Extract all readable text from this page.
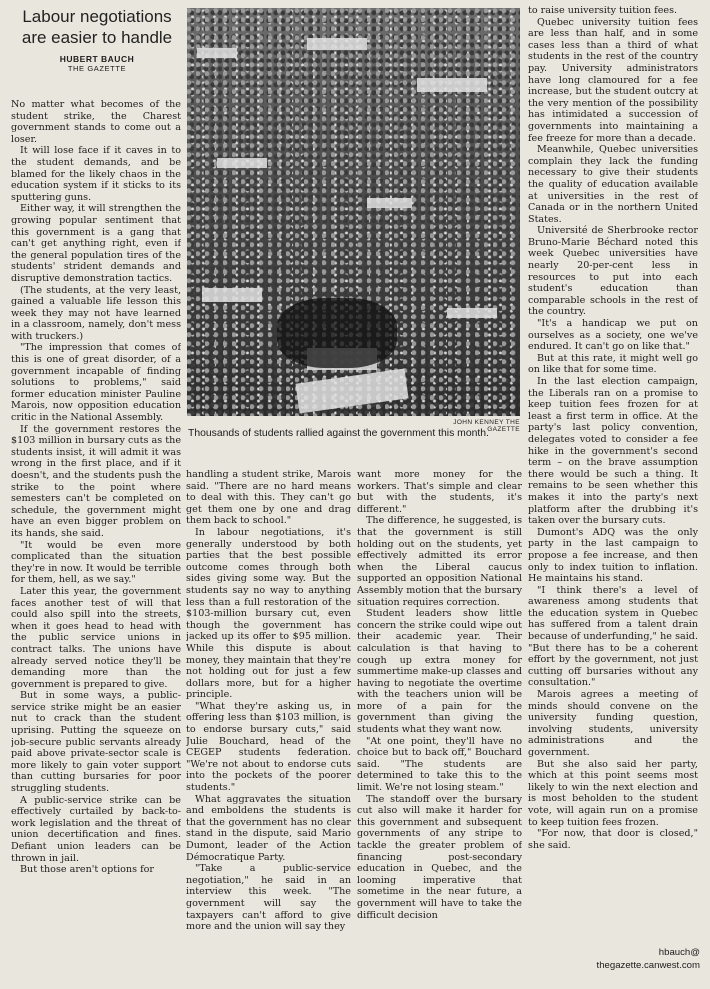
Labour negotiations
are easier to handle
HUBERT BAUCH
THE GAZETTE
JOHN KENNEY THE GAZETTE
Thousands of students rallied against the government this month.

No matter what becomes of the student strike, the Charest government stands to come out a loser.

It will lose face if it caves in to the student demands, and be blamed for the likely chaos in the education system if it sticks to its sputtering guns.

Either way, it will strengthen the growing popular sentiment that this government is a gang that can't get anything right, even if the general population tires of the students' strident demands and disruptive demonstration tactics.

(The students, at the very least, gained a valuable life lesson this week they may not have learned in a classroom, namely, don't mess with truckers.)

"The impression that comes of this is one of great disorder, of a government incapable of finding solutions to problems," said former education minister Pauline Marois, now opposition education critic in the National Assembly.

If the government restores the $103 million in bursary cuts as the students insist, it will admit it was wrong in the first place, and if it doesn't, and the students push the strike to the point where semesters can't be completed on schedule, the government might have an even bigger problem on its hands, she said.

"It would be even more complicated than the situation they're in now. It would be terrible for them, hell, as we say."

Later this year, the government faces another test of will that could also spill into the streets, when it goes head to head with the public service unions in contract talks. The unions have already served notice they'll be demanding more than the government is prepared to give.

But in some ways, a public-service strike might be an easier nut to crack than the student uprising. Putting the squeeze on job-secure public servants already paid above private-sector scale is more likely to gain voter support than cutting bursaries for poor struggling students.

A public-service strike can be effectively curtailed by back-to-work legislation and the threat of union decertification and fines. Defiant union leaders can be thrown in jail.

But those aren't options for

handling a student strike, Marois said. "There are no hard means to deal with this. They can't go get them one by one and drag them back to school."

In labour negotiations, it's generally understood by both parties that the best possible outcome comes through both sides giving some way. But the students say no way to anything less than a full restoration of the $103-million bursary cut, even though the government has jacked up its offer to $95 million. While this dispute is about money, they maintain that they're not holding out for just a few dollars more, but for a higher principle.

"What they're asking us, in offering less than $103 million, is to endorse bursary cuts," said Julie Bouchard, head of the CEGEP students federation. "We're not about to endorse cuts into the pockets of the poorer students."

What aggravates the situation and emboldens the students is that the government has no clear stand in the dispute, said Mario Dumont, leader of the Action Démocratique Party.

"Take a public-service negotiation," he said in an interview this week. "The government will say the taxpayers can't afford to give more and the union will say they

want more money for the workers. That's simple and clear but with the students, it's different."

The difference, he suggested, is that the government is still holding out on the students, yet effectively admitted its error when the Liberal caucus supported an opposition National Assembly motion that the bursary situation requires correction.

Student leaders show little concern the strike could wipe out their academic year. Their calculation is that having to cough up extra money for summertime make-up classes and having to negotiate the overtime with the teachers union will be more of a pain for the government than giving the students what they want now.

"At one point, they'll have no choice but to back off," Bouchard said. "The students are determined to take this to the limit. We're not losing steam."

The standoff over the bursary cut also will make it harder for this government and subsequent governments of any stripe to tackle the greater problem of financing post-secondary education in Quebec, and the looming imperative that sometime in the near future, a government will have to take the difficult decision

to raise university tuition fees.

Quebec university tuition fees are less than half, and in some cases less than a third of what students in the rest of the country pay. University administrators have long clamoured for a fee increase, but the student outcry at the very mention of the possibility has intimidated a succession of governments into maintaining a fee freeze for more than a decade.

Meanwhile, Quebec universities complain they lack the funding necessary to give their students the quality of education available at universities in the rest of Canada or in the northern United States.

Université de Sherbrooke rector Bruno-Marie Béchard noted this week Quebec universities have nearly 20-per-cent less in resources to put into each student's education than comparable schools in the rest of the country.

"It's a handicap we put on ourselves as a society, one we've endured. It can't go on like that."

But at this rate, it might well go on like that for some time.

In the last election campaign, the Liberals ran on a promise to keep tuition fees frozen for at least a first term in office. At the party's last policy convention, delegates voted to consider a fee hike in the government's second term – on the brave assumption there would be such a thing. It remains to be seen whether this makes it into the party's next platform after the drubbing it's taken over the bursary cuts.

Dumont's ADQ was the only party in the last campaign to propose a fee increase, and then only to index tuition to inflation. He maintains his stand.

"I think there's a level of awareness among students that the education system in Quebec has suffered from a talent drain because of underfunding," he said. "But there has to be a coherent effort by the government, not just cutting off bursaries without any consultation."

Marois agrees a meeting of minds should convene on the university funding question, involving students, university administrations and the government.

But she also said her party, which at this point seems most likely to win the next election and is most beholden to the student vote, will again run on a promise to keep tuition fees frozen.

"For now, that door is closed," she said.

hbauch@
thegazette.canwest.com
